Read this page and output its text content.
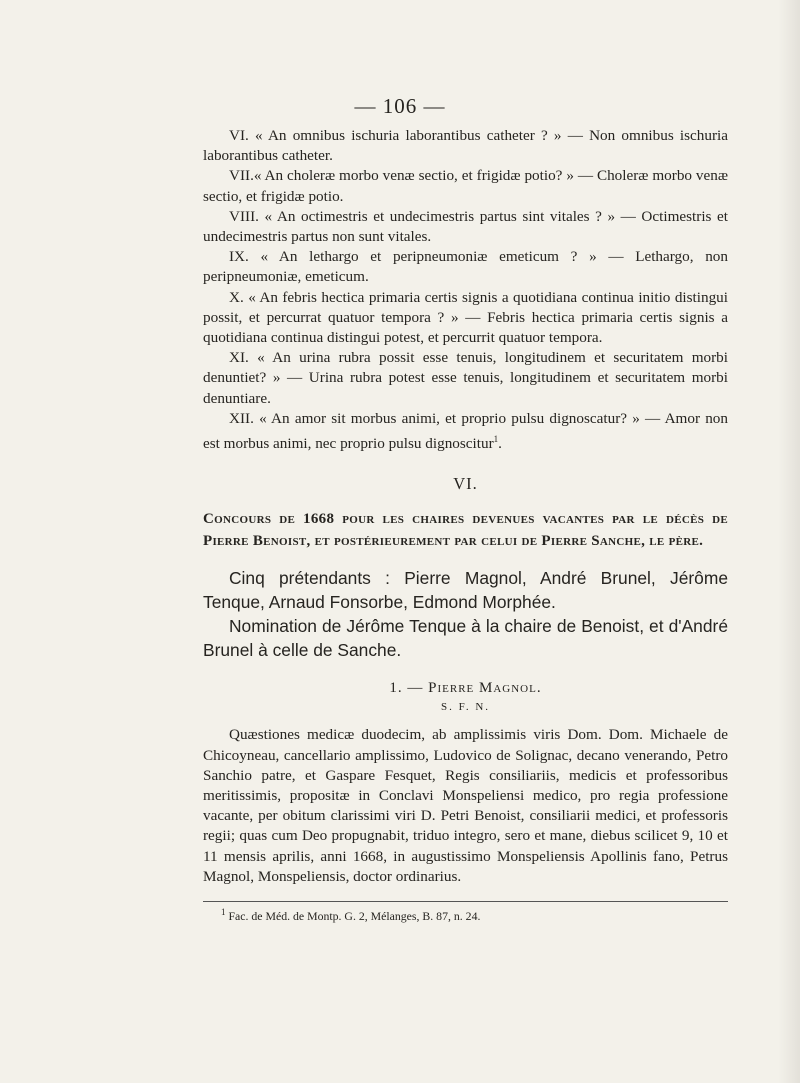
— 106 —

VI. « An omnibus ischuria laborantibus catheter ? » — Non omnibus ischuria laborantibus catheter.

VII.« An choleræ morbo venæ sectio, et frigidæ potio? » — Choleræ morbo venæ sectio, et frigidæ potio.

VIII. « An octimestris et undecimestris partus sint vitales ? » — Octimestris et undecimestris partus non sunt vitales.

IX. « An lethargo et peripneumoniæ emeticum ? » — Lethargo, non peripneumoniæ, emeticum.

X. « An febris hectica primaria certis signis a quotidiana continua initio distingui possit, et percurrat quatuor tempora ? » — Febris hectica primaria certis signis a quotidiana continua distingui potest, et percurrit quatuor tempora.

XI. « An urina rubra possit esse tenuis, longitudinem et securitatem morbi denuntiet? » — Urina rubra potest esse tenuis, longitudinem et securitatem morbi denuntiare.

XII. « An amor sit morbus animi, et proprio pulsu dignoscatur? » — Amor non est morbus animi, nec proprio pulsu dignoscitur$^1$.

VI.

Concours de 1668 pour les chaires devenues vacantes par le décès de Pierre Benoist, et postérieurement par celui de Pierre Sanche, le père.

Cinq prétendants : Pierre Magnol, André Brunel, Jérôme Tenque, Arnaud Fonsorbe, Edmond Morphée.

Nomination de Jérôme Tenque à la chaire de Benoist, et d'André Brunel à celle de Sanche.

1. — Pierre Magnol.
S. F. N.

Quæstiones medicæ duodecim, ab amplissimis viris Dom. Dom. Michaele de Chicoyneau, cancellario amplissimo, Ludovico de Solignac, decano venerando, Petro Sanchio patre, et Gaspare Fesquet, Regis consiliariis, medicis et professoribus meritissimis, propositæ in Conclavi Monspeliensi medico, pro regia professione vacante, per obitum clarissimi viri D. Petri Benoist, consiliarii medici, et professoris regii; quas cum Deo propugnabit, triduo integro, sero et mane, diebus scilicet 9, 10 et 11 mensis aprilis, anni 1668, in augustissimo Monspeliensis Apollinis fano, Petrus Magnol, Monspeliensis, doctor ordinarius.

$^1$ Fac. de Méd. de Montp. G. 2, Mélanges, B. 87, n. 24.
